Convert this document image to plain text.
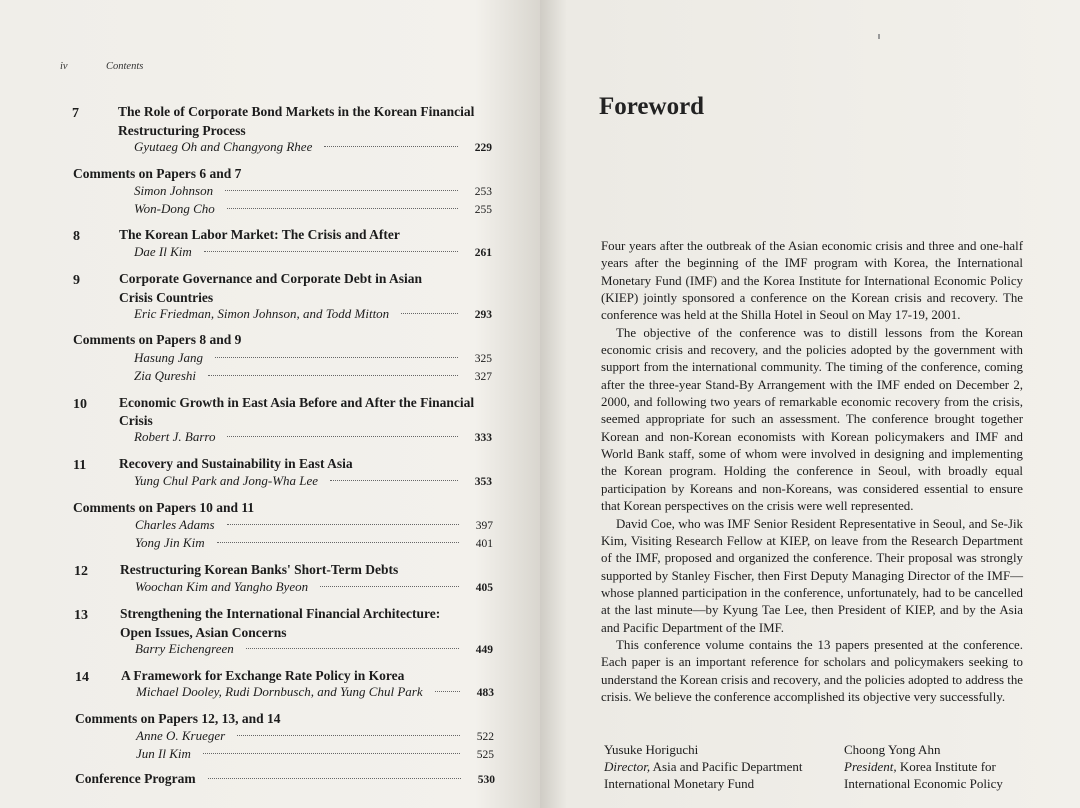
iv	Contents
7	The Role of Corporate Bond Markets in the Korean Financial
Restructuring Process
Gyutaeg Oh and Changyong Rhee	229
Comments on Papers 6 and 7
Simon Johnson	253
Won-Dong Cho	255
8	The Korean Labor Market: The Crisis and After
Dae Il Kim	261
9	Corporate Governance and Corporate Debt in Asian
Crisis Countries
Eric Friedman, Simon Johnson, and Todd Mitton	293
Comments on Papers 8 and 9
Hasung Jang	325
Zia Qureshi	327
10 Economic Growth in East Asia Before and After the Financial
Crisis
Robert J. Barro	333
11 Recovery and Sustainability in East Asia
Yung Chul Park and Jong-Wha Lee	353
Comments on Papers 10 and 11
Charles Adams	397
Yong Jin Kim	401
12 Restructuring Korean Banks' Short-Term Debts
Woochan Kim and Yangho Byeon	405
13 Strengthening the International Financial Architecture:
Open Issues, Asian Concerns
Barry Eichengreen	449
14 A Framework for Exchange Rate Policy in Korea
Michael Dooley, Rudi Dornbusch, and Yung Chul Park	483
Comments on Papers 12, 13, and 14
Anne O. Krueger	522
Jun Il Kim	525
Conference Program	530
Foreword

Four years after the outbreak of the Asian economic crisis and three and one-half years after the beginning of the IMF program with Korea, the International Monetary Fund (IMF) and the Korea Institute for International Economic Policy (KIEP) jointly sponsored a conference on the Korean crisis and recovery. The conference was held at the Shilla Hotel in Seoul on May 17-19, 2001.

The objective of the conference was to distill lessons from the Korean economic crisis and recovery, and the policies adopted by the government with support from the international community. The timing of the conference, coming after the three-year Stand-By Arrangement with the IMF ended on December 2, 2000, and following two years of remarkable economic recovery from the crisis, seemed appropriate for such an assessment. The conference brought together Korean and non-Korean economists with Korean policymakers and IMF and World Bank staff, some of whom were involved in designing and implementing the Korean program. Holding the conference in Seoul, with broadly equal participation by Koreans and non-Koreans, was considered essential to ensure that Korean perspectives on the crisis were well represented.

David Coe, who was IMF Senior Resident Representative in Seoul, and Se-Jik Kim, Visiting Research Fellow at KIEP, on leave from the Research Department of the IMF, proposed and organized the conference. Their proposal was strongly supported by Stanley Fischer, then First Deputy Managing Director of the IMF—whose planned participation in the conference, unfortunately, had to be cancelled at the last minute—by Kyung Tae Lee, then President of KIEP, and by the Asia and Pacific Department of the IMF.

This conference volume contains the 13 papers presented at the conference. Each paper is an important reference for scholars and policymakers seeking to understand the Korean crisis and recovery, and the policies adopted to address the crisis. We believe the conference accomplished its objective very successfully.

Yusuke Horiguchi
Director, Asia and Pacific Department
International Monetary Fund
Choong Yong Ahn
President, Korea Institute for
International Economic Policy
